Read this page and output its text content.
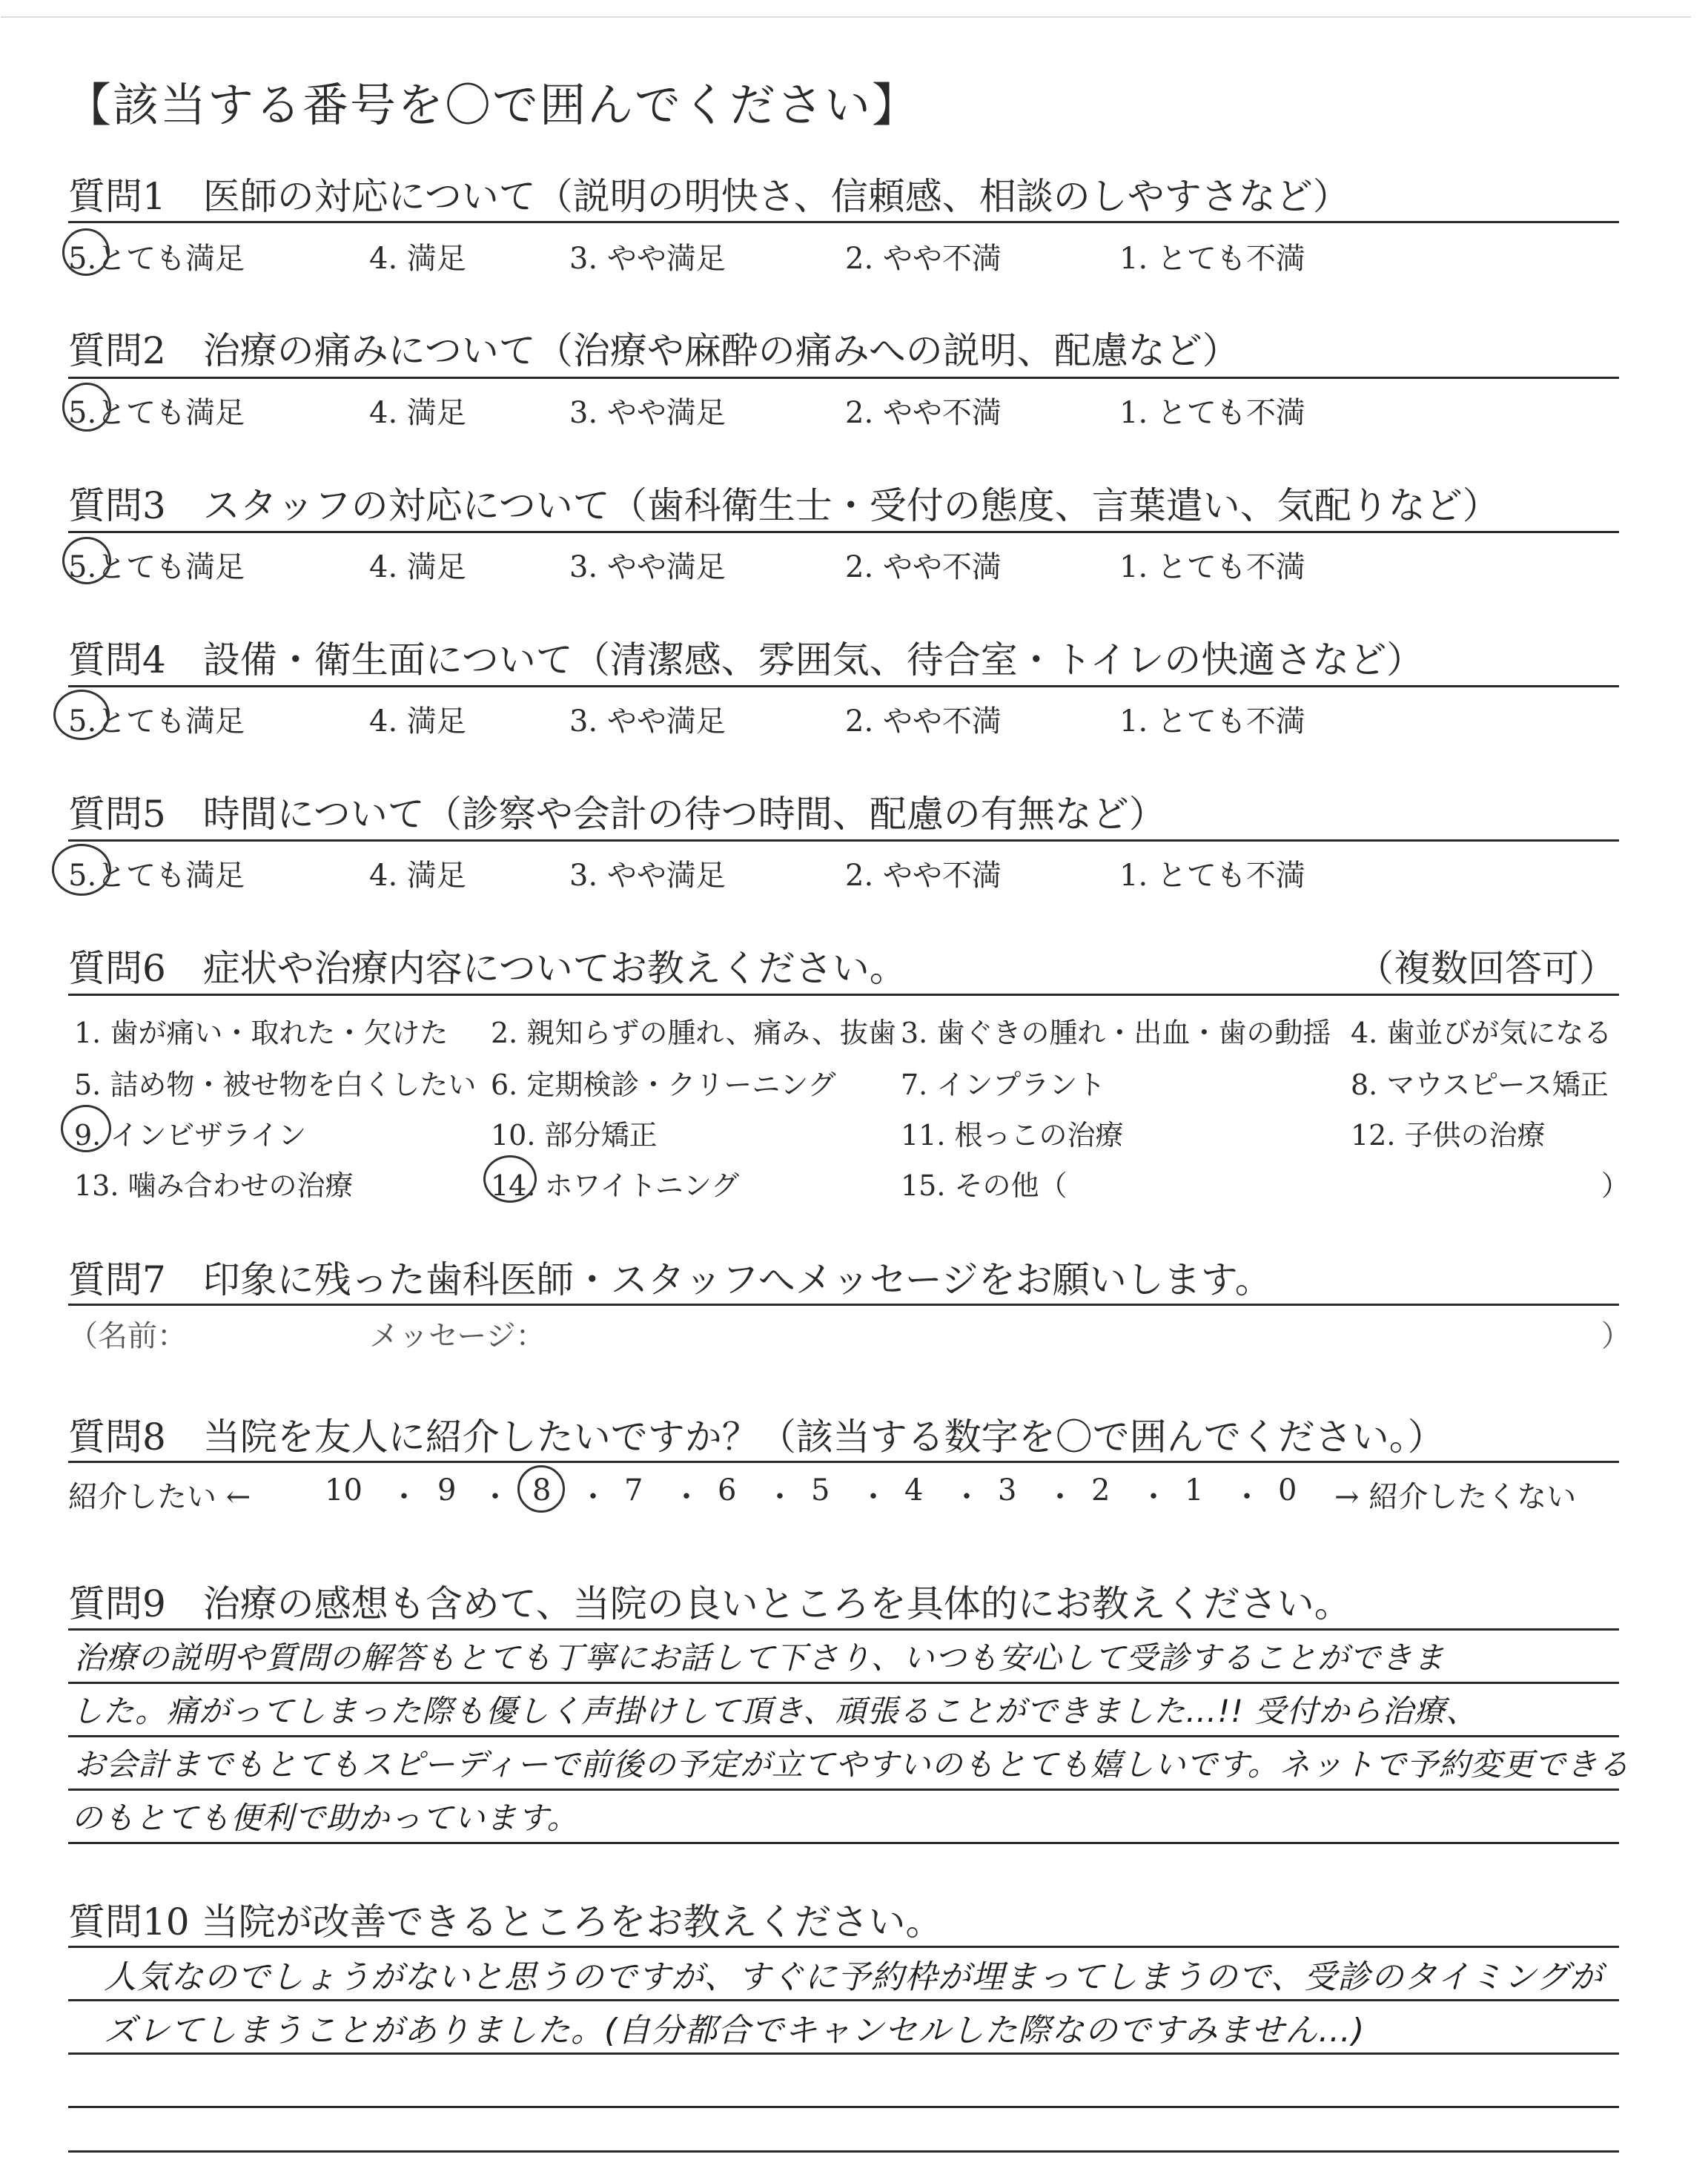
【該当する番号を〇で囲んでください】
質問1　医師の対応について（説明の明快さ、信頼感、相談のしやすさなど）
5.とても満足	4. 満足	3. やや満足	2. やや不満	1. とても不満
質問2　治療の痛みについて（治療や麻酔の痛みへの説明、配慮など）
5.とても満足	4. 満足	3. やや満足	2. やや不満	1. とても不満
質問3　スタッフの対応について（歯科衛生士・受付の態度、言葉遣い、気配りなど）
5.とても満足	4. 満足	3. やや満足	2. やや不満	1. とても不満
質問4　設備・衛生面について（清潔感、雰囲気、待合室・トイレの快適さなど）
5.とても満足	4. 満足	3. やや満足	2. やや不満	1. とても不満
質問5　時間について（診察や会計の待つ時間、配慮の有無など）
5.とても満足	4. 満足	3. やや満足	2. やや不満	1. とても不満
質問6　症状や治療内容についてお教えください。	（複数回答可）
1. 歯が痛い・取れた・欠けた 2. 親知らずの腫れ、痛み、抜歯 3. 歯ぐきの腫れ・出血・歯の動揺 4. 歯並びが気になる
5. 詰め物・被せ物を白くしたい 6. 定期検診・クリーニング 7. インプラント	8. マウスピース矯正
9. インビザライン	10. 部分矯正	11. 根っこの治療	12. 子供の治療
13. 噛み合わせの治療	14. ホワイトニング	15. その他（	）
質問7　印象に残った歯科医師・スタッフへメッセージをお願いします。
（名前：	メッセージ：	）
質問8　当院を友人に紹介したいですか？（該当する数字を〇で囲んでください。）
紹介したい ← 10 ・ 9 ・ 8 ・ 7 ・ 6 ・ 5 ・ 4 ・ 3 ・ 2 ・ 1 ・ 0 → 紹介したくない
質問9　治療の感想も含めて、当院の良いところを具体的にお教えください。
治療の説明や質問の解答もとても丁寧にお話して下さり、いつも安心して受診することができま
した。痛がってしまった際も優しく声掛けして頂き、頑張ることができました…!! 受付から治療、
お会計までもとてもスピーディーで前後の予定が立てやすいのもとても嬉しいです。ネットで予約変更できる
のもとても便利で助かっています。
質問10 当院が改善できるところをお教えください。
人気なのでしょうがないと思うのですが、すぐに予約枠が埋まってしまうので、受診のタイミングが
ズレてしまうことがありました。(自分都合でキャンセルした際なのですみません…)
